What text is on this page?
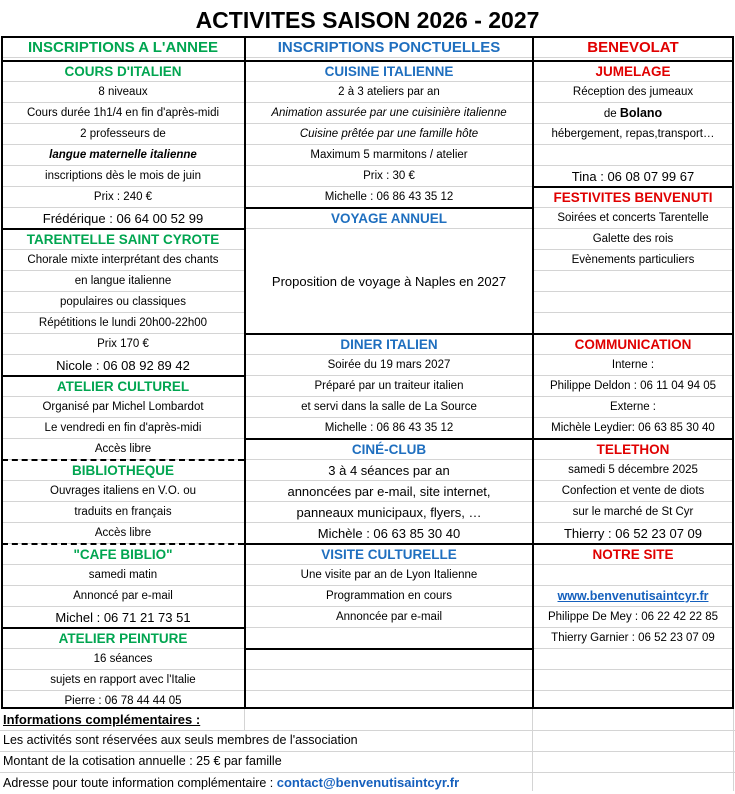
ACTIVITES SAISON 2026 - 2027
INSCRIPTIONS A L'ANNEE
COURS D'ITALIEN
8 niveaux
Cours durée 1h1/4 en fin d'après-midi
2 professeurs de
langue maternelle italienne
inscriptions dès le mois de juin
Prix : 240 €
Frédérique : 06 64 00 52 99
TARENTELLE SAINT CYROTE
Chorale mixte interprétant des chants
en langue italienne
populaires ou classiques
Répétitions le lundi 20h00-22h00
Prix 170 €
Nicole : 06 08 92 89 42
ATELIER CULTUREL
Organisé par Michel Lombardot
Le vendredi en fin d'après-midi
Accès libre
BIBLIOTHEQUE
Ouvrages italiens en V.O. ou
traduits en français
Accès libre
"CAFE BIBLIO"
samedi matin
Annoncé par e-mail
Michel : 06 71 21 73 51
ATELIER PEINTURE
16 séances
sujets en rapport avec l'Italie
Pierre : 06 78 44 44 05
INSCRIPTIONS PONCTUELLES
CUISINE ITALIENNE
2 à 3 ateliers par an
Animation assurée par une cuisinière italienne
Cuisine prêtée par une famille hôte
Maximum 5 marmitons / atelier
Prix : 30 €
Michelle : 06 86 43 35 12
VOYAGE ANNUEL
Proposition de voyage à Naples en 2027
DINER ITALIEN
Soirée du 19 mars 2027
Préparé par un traiteur italien
et servi dans la salle de La Source
Michelle : 06 86 43 35 12
CINÉ-CLUB
3 à 4 séances par an
annoncées par e-mail, site internet,
panneaux municipaux, flyers, …
Michèle : 06 63 85 30 40
VISITE CULTURELLE
Une visite par an de Lyon Italienne
Programmation en cours
Annoncée par e-mail
BENEVOLAT
JUMELAGE
Réception des jumeaux
de Bolano
hébergement, repas,transport…
Tina : 06 08 07 99 67
FESTIVITES BENVENUTI
Soirées et concerts Tarentelle
Galette des rois
Evènements particuliers
COMMUNICATION
Interne :
Philippe Deldon : 06 11 04 94 05
Externe :
Michèle Leydier: 06 63 85 30 40
TELETHON
samedi 5 décembre 2025
Confection et vente de diots
sur le marché de St Cyr
Thierry : 06 52 23 07 09
NOTRE SITE
www.benvenutisaintcyr.fr
Philippe De Mey : 06 22 42 22 85
Thierry Garnier : 06 52 23 07 09
Informations complémentaires :
Les activités sont réservées aux seuls membres de l'association
Montant de la cotisation annuelle : 25 € par famille
Adresse pour toute information complémentaire : contact@benvenutisaintcyr.fr
